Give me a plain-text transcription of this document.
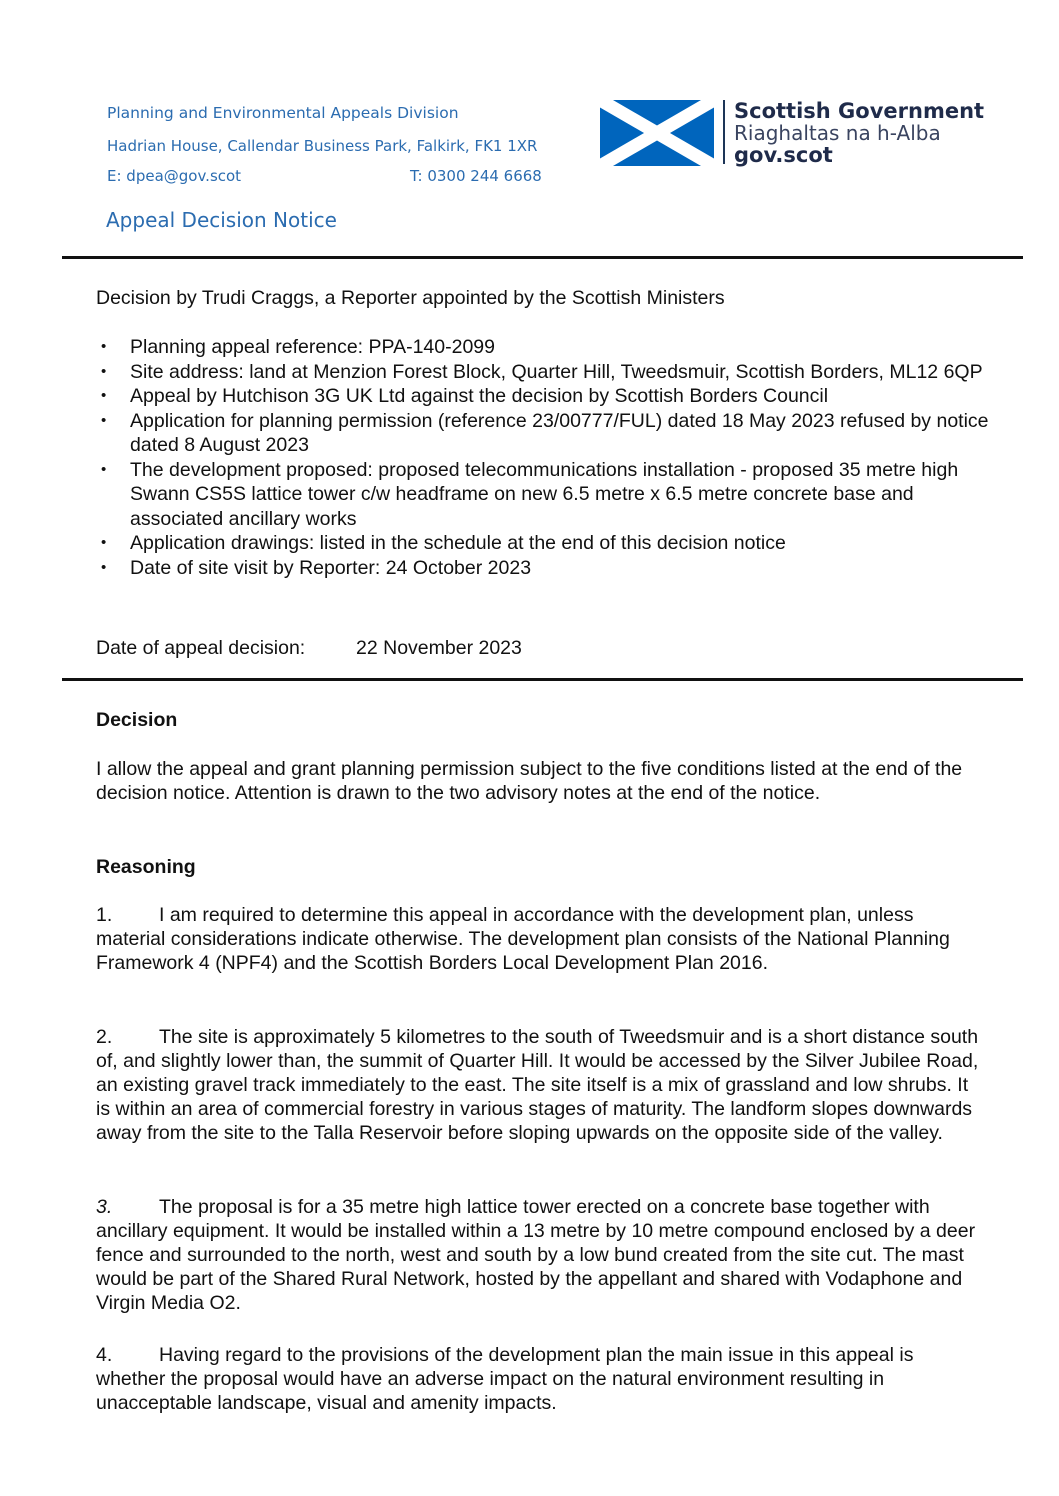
Planning and Environmental Appeals Division
Hadrian House, Callendar Business Park, Falkirk, FK1 1XR
E: dpea@gov.scot	T: 0300 244 6668
Appeal Decision Notice
Scottish Government
Riaghaltas na h-Alba
gov.scot
Decision by Trudi Craggs, a Reporter appointed by the Scottish Ministers
• Planning appeal reference: PPA-140-2099
• Site address: land at Menzion Forest Block, Quarter Hill, Tweedsmuir, Scottish Borders, ML12 6QP
• Appeal by Hutchison 3G UK Ltd against the decision by Scottish Borders Council
• Application for planning permission (reference 23/00777/FUL) dated 18 May 2023 refused by notice dated 8 August 2023
• The development proposed: proposed telecommunications installation - proposed 35 metre high Swann CS5S lattice tower c/w headframe on new 6.5 metre x 6.5 metre concrete base and associated ancillary works
• Application drawings: listed in the schedule at the end of this decision notice
• Date of site visit by Reporter: 24 October 2023
Date of appeal decision:	22 November 2023
Decision
I allow the appeal and grant planning permission subject to the five conditions listed at the end of the decision notice. Attention is drawn to the two advisory notes at the end of the notice.
Reasoning
1. I am required to determine this appeal in accordance with the development plan, unless material considerations indicate otherwise. The development plan consists of the National Planning Framework 4 (NPF4) and the Scottish Borders Local Development Plan 2016.
2. The site is approximately 5 kilometres to the south of Tweedsmuir and is a short distance south of, and slightly lower than, the summit of Quarter Hill. It would be accessed by the Silver Jubilee Road, an existing gravel track immediately to the east. The site itself is a mix of grassland and low shrubs. It is within an area of commercial forestry in various stages of maturity. The landform slopes downwards away from the site to the Talla Reservoir before sloping upwards on the opposite side of the valley.
3. The proposal is for a 35 metre high lattice tower erected on a concrete base together with ancillary equipment. It would be installed within a 13 metre by 10 metre compound enclosed by a deer fence and surrounded to the north, west and south by a low bund created from the site cut. The mast would be part of the Shared Rural Network, hosted by the appellant and shared with Vodaphone and Virgin Media O2.
4. Having regard to the provisions of the development plan the main issue in this appeal is whether the proposal would have an adverse impact on the natural environment resulting in unacceptable landscape, visual and amenity impacts.
